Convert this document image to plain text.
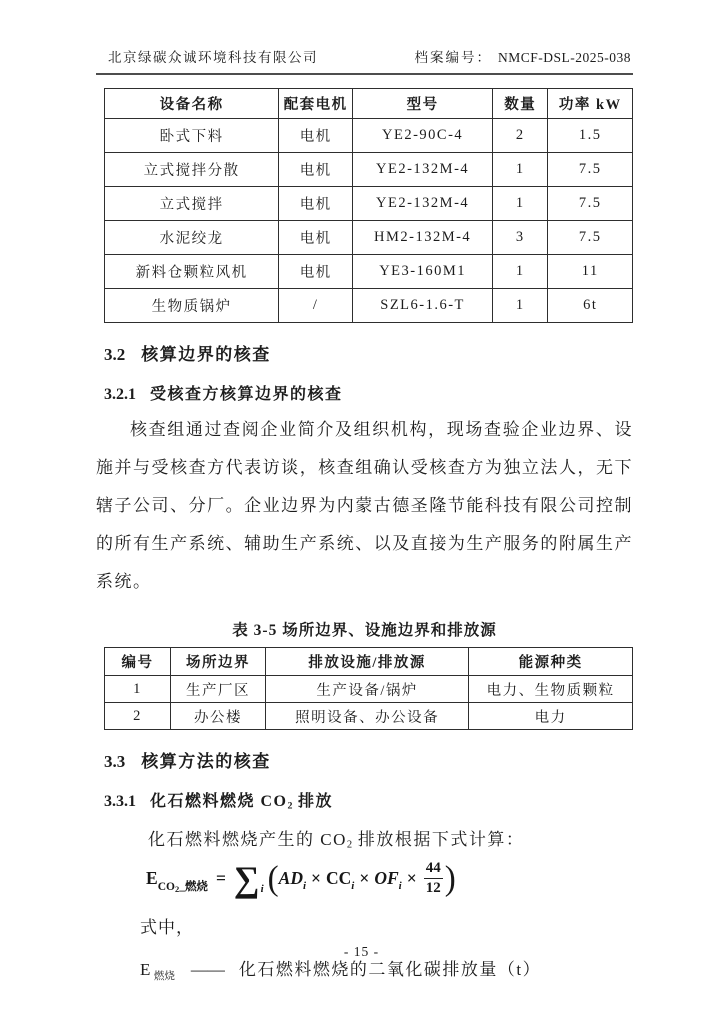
北京绿碳众诚环境科技有限公司	档案编号： NMCF-DSL-2025-038
设备名称	配套电机	型号	数量	功率 kW
卧式下料	电机	YE2-90C-4	2	1.5
立式搅拌分散	电机	YE2-132M-4	1	7.5
立式搅拌	电机	YE2-132M-4	1	7.5
水泥绞龙	电机	HM2-132M-4	3	7.5
新料仓颗粒风机	电机	YE3-160M1	1	11
生物质锅炉	/	SZL6-1.6-T	1	6t
3.2 核算边界的核查
3.2.1 受核查方核算边界的核查

核查组通过查阅企业简介及组织机构，现场查验企业边界、设施并与受核查方代表访谈，核查组确认受核查方为独立法人，无下辖子公司、分厂。企业边界为内蒙古德圣隆节能科技有限公司控制的所有生产系统、辅助生产系统、以及直接为生产服务的附属生产系统。

表 3-5 场所边界、设施边界和排放源
编号	场所边界	排放设施/排放源	能源种类
1	生产厂区	生产设备/锅炉	电力、生物质颗粒
2	办公楼	照明设备、办公设备	电力
3.3 核算方法的核查
3.3.1 化石燃料燃烧 CO2 排放
化石燃料燃烧产生的 CO2 排放根据下式计算：
ECO2_燃烧 = ∑ i ( AD i × CC i × OF $i \times \frac{44}{12}$ )
式中，
E 燃烧 —— 化石燃料燃烧的二氧化碳排放量（t）
- 15 -
